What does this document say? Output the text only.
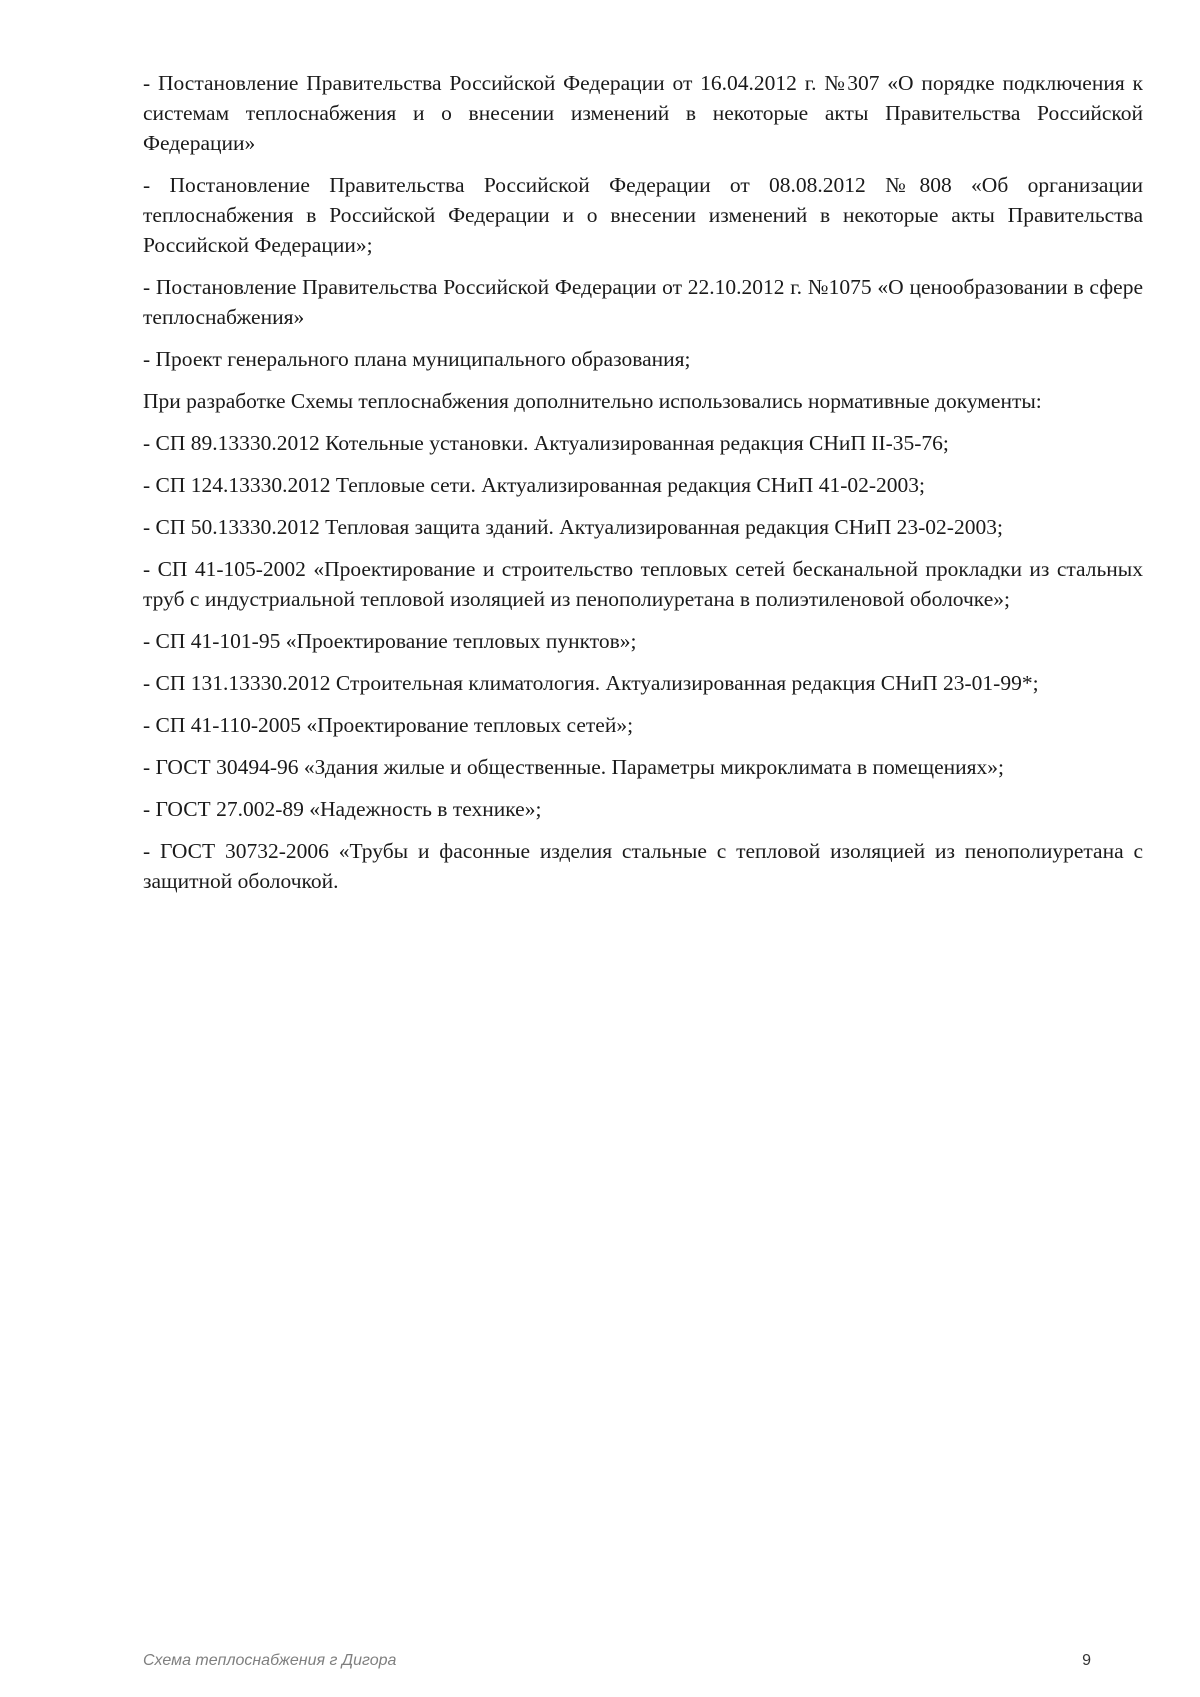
- Постановление Правительства Российской Федерации от 16.04.2012 г. №307 «О порядке подключения к системам теплоснабжения и о внесении изменений в некоторые акты Правительства Российской Федерации»

- Постановление Правительства Российской Федерации от 08.08.2012 №808 «Об организации теплоснабжения в Российской Федерации и о внесении изменений в некоторые акты Правительства Российской Федерации»;

- Постановление Правительства Российской Федерации от 22.10.2012 г. №1075 «О ценообразовании в сфере теплоснабжения»

- Проект генерального плана муниципального образования;

При разработке Схемы теплоснабжения дополнительно использовались нормативные документы:

- СП 89.13330.2012 Котельные установки. Актуализированная редакция СНиП II-35-76;

- СП 124.13330.2012 Тепловые сети. Актуализированная редакция СНиП 41-02-2003;

- СП 50.13330.2012 Тепловая защита зданий. Актуализированная редакция СНиП 23-02-2003;

- СП 41-105-2002 «Проектирование и строительство тепловых сетей бесканальной прокладки из стальных труб с индустриальной тепловой изоляцией из пенополиуретана в полиэтиленовой оболочке»;

- СП 41-101-95 «Проектирование тепловых пунктов»;

- СП 131.13330.2012 Строительная климатология. Актуализированная редакция СНиП 23-01-99*;

- СП 41-110-2005 «Проектирование тепловых сетей»;

- ГОСТ 30494-96 «Здания жилые и общественные. Параметры микроклимата в помещениях»;

- ГОСТ 27.002-89 «Надежность в технике»;

- ГОСТ 30732-2006 «Трубы и фасонные изделия стальные с тепловой изоляцией из пенополиуретана с защитной оболочкой.

Схема теплоснабжения г Дигора	9
